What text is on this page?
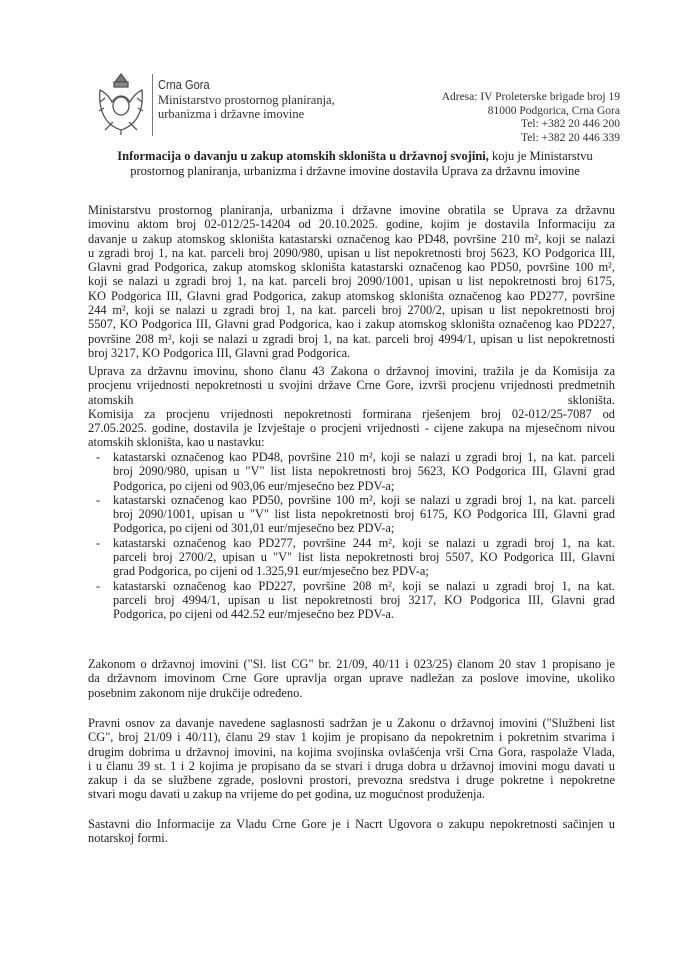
Crna Gora
Ministarstvo prostornog planiranja,
urbanizma i državne imovine
Adresa: IV Proleterske brigade broj 19
81000 Podgorica, Crna Gora
Tel: +382 20 446 200
Tel: +382 20 446 339
Informacija o davanju u zakup atomskih skloništa u državnoj svojini, koju je Ministarstvu
prostornog planiranja, urbanizma i državne imovine dostavila Uprava za državnu imovine
Ministarstvu prostornog planiranja, urbanizma i državne imovine obratila se Uprava za državnu
imovinu aktom broj 02-012/25-14204 od 20.10.2025. godine, kojim je dostavila Informaciju za
davanje u zakup atomskog skloništa katastarski označenog kao PD48, površine 210 m², koji se nalazi
u zgradi broj 1, na kat. parceli broj 2090/980, upisan u list nepokretnosti broj 5623, KO Podgorica III,
Glavni grad Podgorica, zakup atomskog skloništa katastarski označenog kao PD50, površine 100 m²,
koji se nalazi u zgradi broj 1, na kat. parceli broj 2090/1001, upisan u list nepokretnosti broj 6175,
KO Podgorica III, Glavni grad Podgorica, zakup atomskog skloništa označenog kao PD277, površine
244 m², koji se nalazi u zgradi broj 1, na kat. parceli broj 2700/2, upisan u list nepokretnosti broj
5507, KO Podgorica III, Glavni grad Podgorica, kao i zakup atomskog skloništa označenog kao PD227,
površine 208 m², koji se nalazi u zgradi broj 1, na kat. parceli broj 4994/1, upisan u list nepokretnosti
broj 3217, KO Podgorica III, Glavni grad Podgorica.
Uprava za državnu imovinu, shono članu 43 Zakona o državnoj imovini, tražila je da Komisija za
procjenu vrijednosti nepokretnosti u svojini države Crne Gore, izvrši procjenu vrijednosti predmetnih
atomskih skloništa.
Komisija za procjenu vrijednosti nepokretnosti formirana rješenjem broj 02-012/25-7087 od
27.05.2025. godine, dostavila je Izvještaje o procjeni vrijednosti - cijene zakupa na mjesečnom nivou
atomskih skloništa, kao u nastavku:
- katastarski označenog kao PD48, površine 210 m², koji se nalazi u zgradi broj 1, na kat. parceli
broj 2090/980, upisan u "V" list lista nepokretnosti broj 5623, KO Podgorica III, Glavni grad
Podgorica, po cijeni od 903,06 eur/mjesečno bez PDV-a;
- katastarski označenog kao PD50, površine 100 m², koji se nalazi u zgradi broj 1, na kat. parceli
broj 2090/1001, upisan u "V" list lista nepokretnosti broj 6175, KO Podgorica III, Glavni grad
Podgorica, po cijeni od 301,01 eur/mjesečno bez PDV-a;
- katastarski označenog kao PD277, površine 244 m², koji se nalazi u zgradi broj 1, na kat.
parceli broj 2700/2, upisan u "V" list lista nepokretnosti broj 5507, KO Podgorica III, Glavni
grad Podgorica, po cijeni od 1.325,91 eur/mjesečno bez PDV-a;
- katastarski označenog kao PD227, površine 208 m², koji se nalazi u zgradi broj 1, na kat.
parceli broj 4994/1, upisan u list nepokretnosti broj 3217, KO Podgorica III, Glavni grad
Podgorica, po cijeni od 442.52 eur/mjesečno bez PDV-a.
Zakonom o državnoj imovini ("Sl. list CG" br. 21/09, 40/11 i 023/25) članom 20 stav 1 propisano je
da državnom imovinom Crne Gore upravlja organ uprave nadležan za poslove imovine, ukoliko
posebnim zakonom nije drukčije određeno.
Pravni osnov za davanje navedene saglasnosti sadržan je u Zakonu o državnoj imovini ("Službeni list
CG", broj 21/09 i 40/11), članu 29 stav 1 kojim je propisano da nepokretnim i pokretnim stvarima i
drugim dobrima u državnoj imovini, na kojima svojinska ovlašćenja vrši Crna Gora, raspolaže Vlada,
i u članu 39 st. 1 i 2 kojima je propisano da se stvari i druga dobra u državnoj imovini mogu davati u
zakup i da se službene zgrade, poslovni prostori, prevozna sredstva i druge pokretne i nepokretne
stvari mogu davati u zakup na vrijeme do pet godina, uz mogućnost produženja.
Sastavni dio Informacije za Vladu Crne Gore je i Nacrt Ugovora o zakupu nepokretnosti sačinjen u
notarskoj formi.
